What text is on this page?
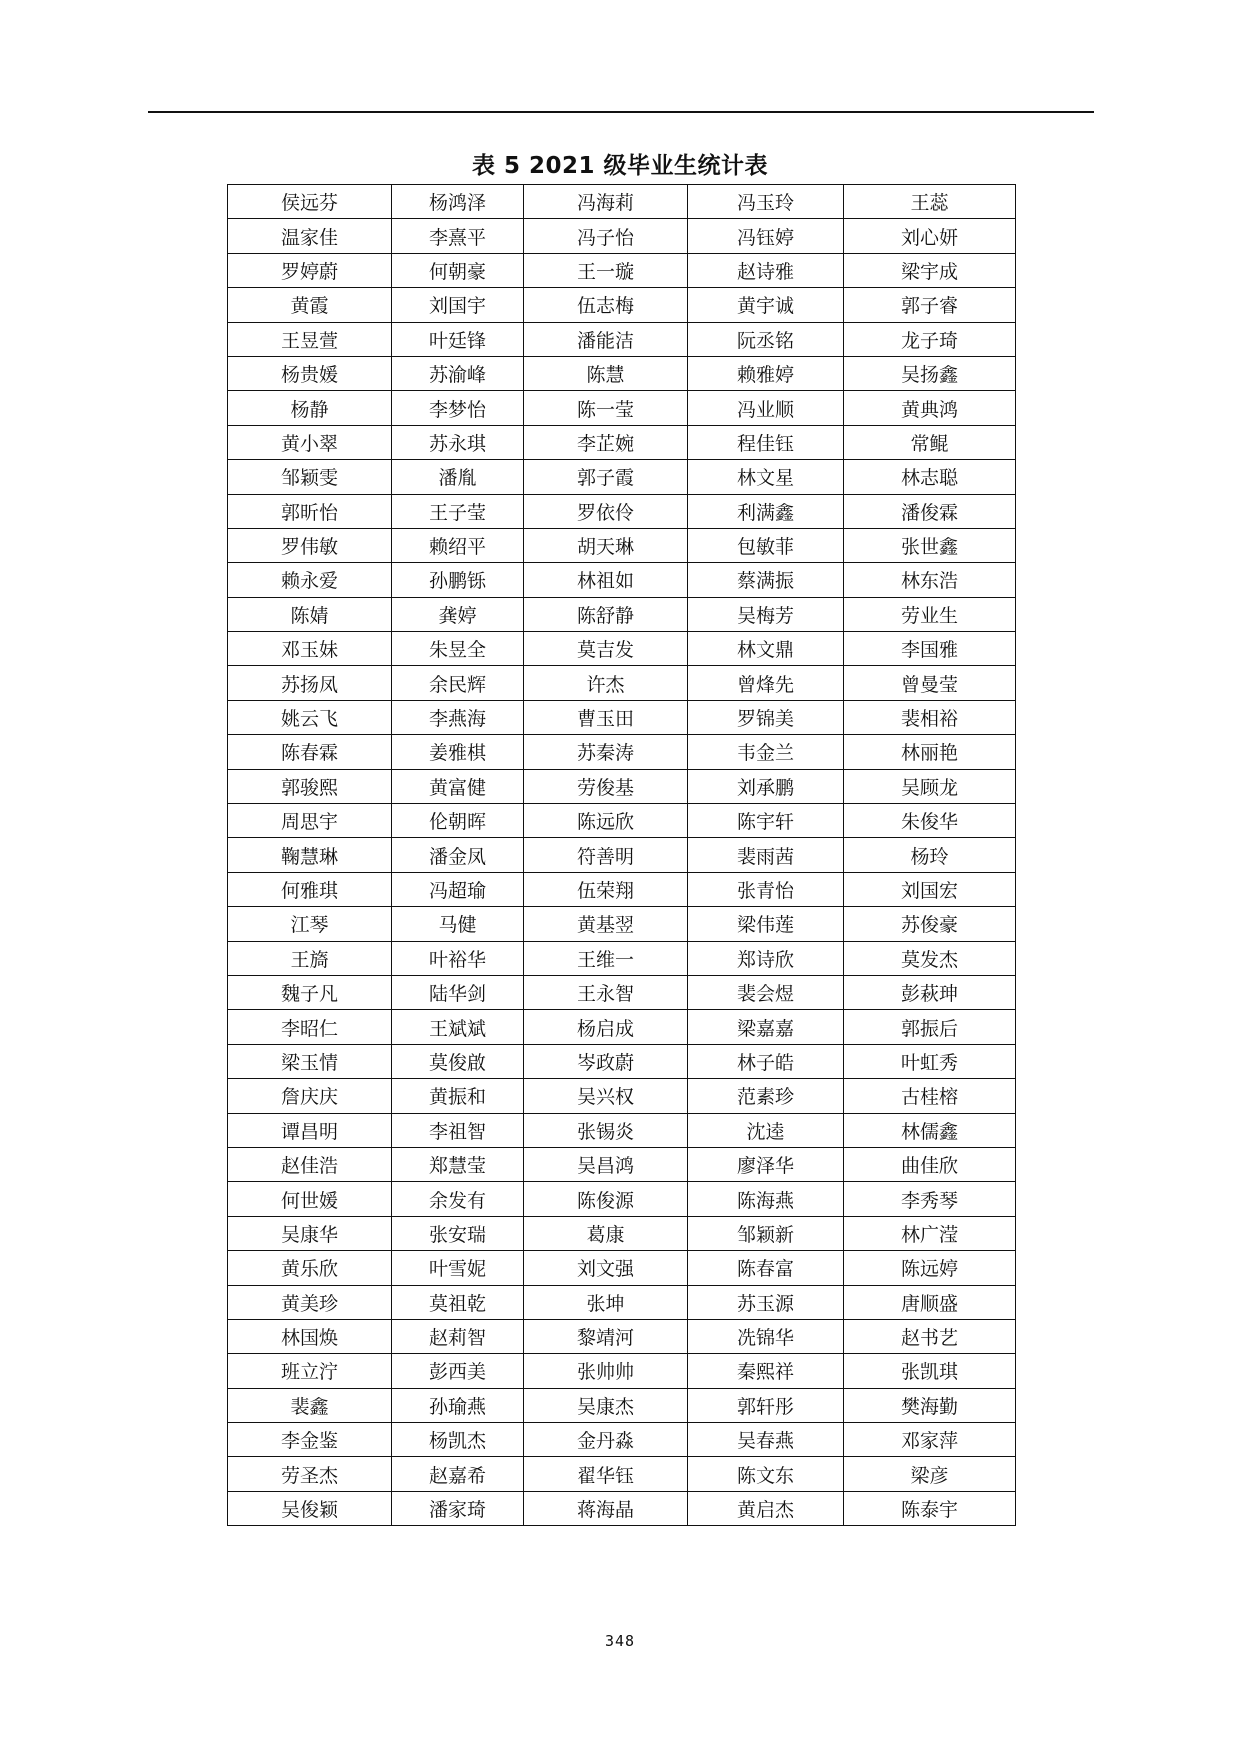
表 5 2021 级毕业生统计表
侯远芬	杨鸿泽	冯海莉	冯玉玲	王蕊
温家佳	李熹平	冯子怡	冯钰婷	刘心妍
罗婷蔚	何朝豪	王一璇	赵诗雅	梁宇成
黄霞	刘国宇	伍志梅	黄宇诚	郭子睿
王昱萱	叶廷锋	潘能洁	阮丞铭	龙子琦
杨贵媛	苏渝峰	陈慧	赖雅婷	吴扬鑫
杨静	李梦怡	陈一莹	冯业顺	黄典鸿
黄小翠	苏永琪	李芷婉	程佳钰	常鲲
邹颖雯	潘胤	郭子霞	林文星	林志聪
郭昕怡	王子莹	罗依伶	利满鑫	潘俊霖
罗伟敏	赖绍平	胡天琳	包敏菲	张世鑫
赖永爱	孙鹏铄	林祖如	蔡满振	林东浩
陈婧	龚婷	陈舒静	吴梅芳	劳业生
邓玉妹	朱昱全	莫吉发	林文鼎	李国雅
苏扬凤	余民辉	许杰	曾烽先	曾曼莹
姚云飞	李燕海	曹玉田	罗锦美	裴相裕
陈春霖	姜雅棋	苏秦涛	韦金兰	林丽艳
郭骏熙	黄富健	劳俊基	刘承鹏	吴顾龙
周思宇	伦朝晖	陈远欣	陈宇轩	朱俊华
鞠慧琳	潘金凤	符善明	裴雨茜	杨玲
何雅琪	冯超瑜	伍荣翔	张青怡	刘国宏
江琴	马健	黄基翌	梁伟莲	苏俊豪
王旖	叶裕华	王维一	郑诗欣	莫发杰
魏子凡	陆华剑	王永智	裴会煜	彭萩珅
李昭仁	王斌斌	杨启成	梁嘉嘉	郭振后
梁玉情	莫俊啟	岑政蔚	林子皓	叶虹秀
詹庆庆	黄振和	吴兴权	范素珍	古桂榕
谭昌明	李祖智	张锡炎	沈逵	林儒鑫
赵佳浩	郑慧莹	吴昌鸿	廖泽华	曲佳欣
何世媛	余发有	陈俊源	陈海燕	李秀琴
吴康华	张安瑞	葛康	邹颖新	林广滢
黄乐欣	叶雪妮	刘文强	陈春富	陈远婷
黄美珍	莫祖乾	张坤	苏玉源	唐顺盛
林国焕	赵莉智	黎靖河	冼锦华	赵书艺
班立泞	彭西美	张帅帅	秦熙祥	张凯琪
裴鑫	孙瑜燕	吴康杰	郭轩彤	樊海勤
李金鉴	杨凯杰	金丹淼	吴春燕	邓家萍
劳圣杰	赵嘉希	翟华钰	陈文东	梁彦
吴俊颖	潘家琦	蒋海晶	黄启杰	陈泰宇
348
